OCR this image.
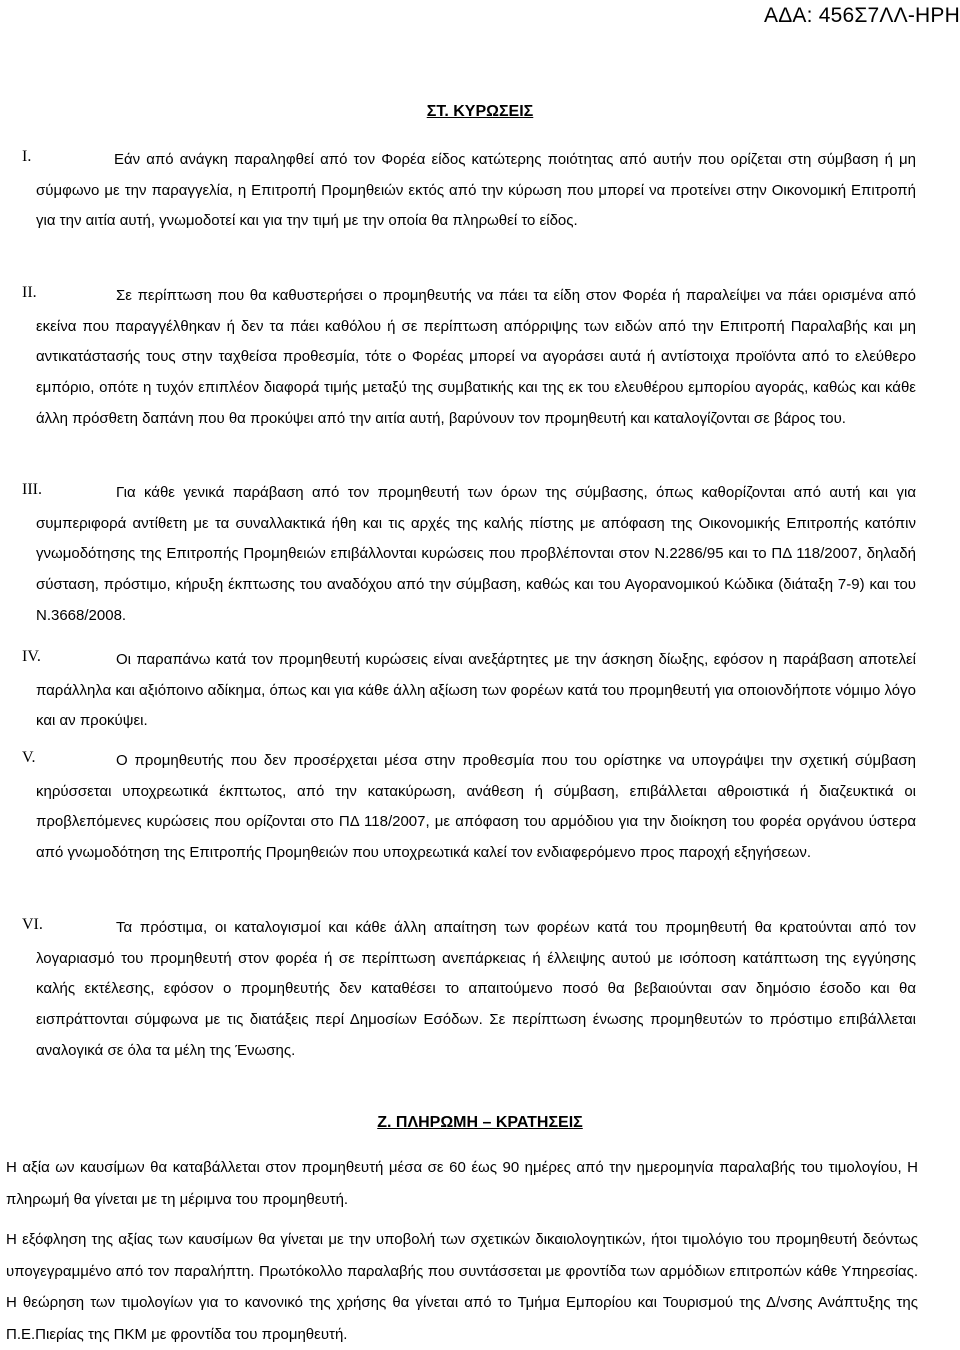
ΑΔΑ: 456Σ7ΛΛ-ΗΡΗ
ΣΤ. ΚΥΡΩΣΕΙΣ
I.	Εάν από ανάγκη παραληφθεί από τον Φορέα είδος κατώτερης ποιότητας από αυτήν που ορίζεται στη σύμβαση ή μη σύμφωνο με την παραγγελία, η Επιτροπή Προμηθειών εκτός από την κύρωση που μπορεί να προτείνει στην Οικονομική Επιτροπή για την αιτία αυτή, γνωμοδοτεί και για την τιμή με την οποία θα πληρωθεί το είδος.
II.	Σε περίπτωση που θα καθυστερήσει ο προμηθευτής να πάει τα είδη στον Φορέα ή παραλείψει να πάει ορισμένα από εκείνα που παραγγέλθηκαν ή δεν τα πάει καθόλου ή σε περίπτωση απόρριψης των ειδών από την Επιτροπή Παραλαβής και μη αντικατάστασής τους στην ταχθείσα προθεσμία, τότε ο Φορέας μπορεί να αγοράσει αυτά ή αντίστοιχα προϊόντα από το ελεύθερο εμπόριο, οπότε η τυχόν επιπλέον διαφορά τιμής μεταξύ της συμβατικής και της εκ του ελευθέρου εμπορίου αγοράς, καθώς και κάθε άλλη πρόσθετη δαπάνη που θα προκύψει από την αιτία αυτή, βαρύνουν τον προμηθευτή και καταλογίζονται σε βάρος του.
III.	Για κάθε γενικά παράβαση από τον προμηθευτή των όρων της σύμβασης, όπως καθορίζονται από αυτή και για συμπεριφορά αντίθετη με τα συναλλακτικά ήθη και τις αρχές της καλής πίστης με απόφαση της Οικονομικής Επιτροπής κατόπιν γνωμοδότησης της Επιτροπής Προμηθειών επιβάλλονται κυρώσεις που προβλέπονται στον Ν.2286/95 και το ΠΔ 118/2007, δηλαδή σύσταση, πρόστιμο, κήρυξη έκπτωσης του αναδόχου από την σύμβαση, καθώς και του Αγορανομικού Κώδικα (διάταξη 7-9) και του Ν.3668/2008.
IV.	Οι παραπάνω κατά τον προμηθευτή κυρώσεις είναι ανεξάρτητες με την άσκηση δίωξης, εφόσον η παράβαση αποτελεί παράλληλα και αξιόποινο αδίκημα, όπως και για κάθε άλλη αξίωση των φορέων κατά του προμηθευτή για οποιονδήποτε νόμιμο λόγο και αν προκύψει.
V.	Ο προμηθευτής που δεν προσέρχεται μέσα στην προθεσμία που του ορίστηκε να υπογράψει την σχετική σύμβαση κηρύσσεται υποχρεωτικά έκπτωτος, από την κατακύρωση, ανάθεση ή σύμβαση, επιβάλλεται αθροιστικά ή διαζευκτικά οι προβλεπόμενες κυρώσεις που ορίζονται στο ΠΔ 118/2007, με απόφαση του αρμόδιου για την διοίκηση του φορέα οργάνου ύστερα από γνωμοδότηση της Επιτροπής Προμηθειών που υποχρεωτικά καλεί τον ενδιαφερόμενο προς παροχή εξηγήσεων.
VI.	Τα πρόστιμα, οι καταλογισμοί και κάθε άλλη απαίτηση των φορέων κατά του προμηθευτή θα κρατούνται από τον λογαριασμό του προμηθευτή στον φορέα ή σε περίπτωση ανεπάρκειας ή έλλειψης αυτού με ισόποση κατάπτωση της εγγύησης καλής εκτέλεσης, εφόσον ο προμηθευτής δεν καταθέσει το απαιτούμενο ποσό θα βεβαιούνται σαν δημόσιο έσοδο και θα εισπράττονται σύμφωνα με τις διατάξεις περί Δημοσίων Εσόδων. Σε περίπτωση ένωσης προμηθευτών το πρόστιμο επιβάλλεται αναλογικά σε όλα τα μέλη της Ένωσης.
Ζ. ΠΛΗΡΩΜΗ – ΚΡΑΤΗΣΕΙΣ
Η αξία ων καυσίμων θα καταβάλλεται στον προμηθευτή μέσα σε 60 έως 90 ημέρες από την ημερομηνία παραλαβής του τιμολογίου, Η πληρωμή θα γίνεται με τη μέριμνα του προμηθευτή.
Η εξόφληση της αξίας των καυσίμων θα γίνεται με την υποβολή των σχετικών δικαιολογητικών, ήτοι τιμολόγιο του προμηθευτή δεόντως υπογεγραμμένο από τον παραλήπτη. Πρωτόκολλο παραλαβής που συντάσσεται με φροντίδα των αρμόδιων επιτροπών κάθε Υπηρεσίας. Η θεώρηση των τιμολογίων για το κανονικό της χρήσης θα γίνεται από το Τμήμα Εμπορίου και Τουρισμού της Δ/νσης Ανάπτυξης της Π.Ε.Πιερίας της ΠΚΜ με φροντίδα του προμηθευτή.
